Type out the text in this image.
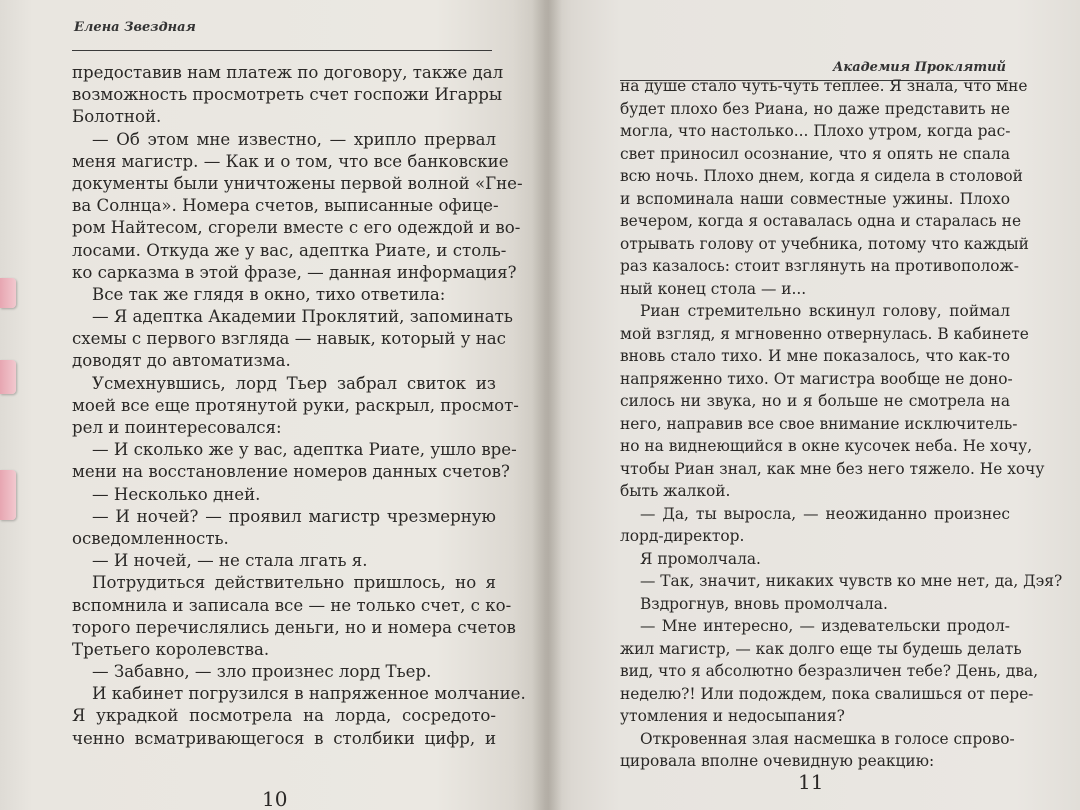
Елена Звездная
предоставив нам платеж по договору, также дал
возможность просмотреть счет госпожи Игарры
Болотной.
— Об этом мне известно, — хрипло прервал
меня магистр. — Как и о том, что все банковские
документы были уничтожены первой волной «Гне-
ва Солнца». Номера счетов, выписанные офице-
ром Найтесом, сгорели вместе с его одеждой и во-
лосами. Откуда же у вас, адептка Риате, и столь-
ко сарказма в этой фразе, — данная информация?
Все так же глядя в окно, тихо ответила:
— Я адептка Академии Проклятий, запоминать
схемы с первого взгляда — навык, который у нас
доводят до автоматизма.
Усмехнувшись, лорд Тьер забрал свиток из
моей все еще протянутой руки, раскрыл, просмот-
рел и поинтересовался:
— И сколько же у вас, адептка Риате, ушло вре-
мени на восстановление номеров данных счетов?
— Несколько дней.
— И ночей? — проявил магистр чрезмерную
осведомленность.
— И ночей, — не стала лгать я.
Потрудиться действительно пришлось, но я
вспомнила и записала все — не только счет, с ко-
торого перечислялись деньги, но и номера счетов
Третьего королевства.
— Забавно, — зло произнес лорд Тьер.
И кабинет погрузился в напряженное молчание.
Я украдкой посмотрела на лорда, сосредото-
ченно всматривающегося в столбики цифр, и
10
Академия Проклятий
на душе стало чуть-чуть теплее. Я знала, что мне
будет плохо без Риана, но даже представить не
могла, что настолько... Плохо утром, когда рас-
свет приносил осознание, что я опять не спала
всю ночь. Плохо днем, когда я сидела в столовой
и вспоминала наши совместные ужины. Плохо
вечером, когда я оставалась одна и старалась не
отрывать голову от учебника, потому что каждый
раз казалось: стоит взглянуть на противополож-
ный конец стола — и...
Риан стремительно вскинул голову, поймал
мой взгляд, я мгновенно отвернулась. В кабинете
вновь стало тихо. И мне показалось, что как-то
напряженно тихо. От магистра вообще не доно-
силось ни звука, но и я больше не смотрела на
него, направив все свое внимание исключитель-
но на виднеющийся в окне кусочек неба. Не хочу,
чтобы Риан знал, как мне без него тяжело. Не хочу
быть жалкой.
— Да, ты выросла, — неожиданно произнес
лорд-директор.
Я промолчала.
— Так, значит, никаких чувств ко мне нет, да, Дэя?
Вздрогнув, вновь промолчала.
— Мне интересно, — издевательски продол-
жил магистр, — как долго еще ты будешь делать
вид, что я абсолютно безразличен тебе? День, два,
неделю?! Или подождем, пока свалишься от пере-
утомления и недосыпания?
Откровенная злая насмешка в голосе спрово-
цировала вполне очевидную реакцию:
11
